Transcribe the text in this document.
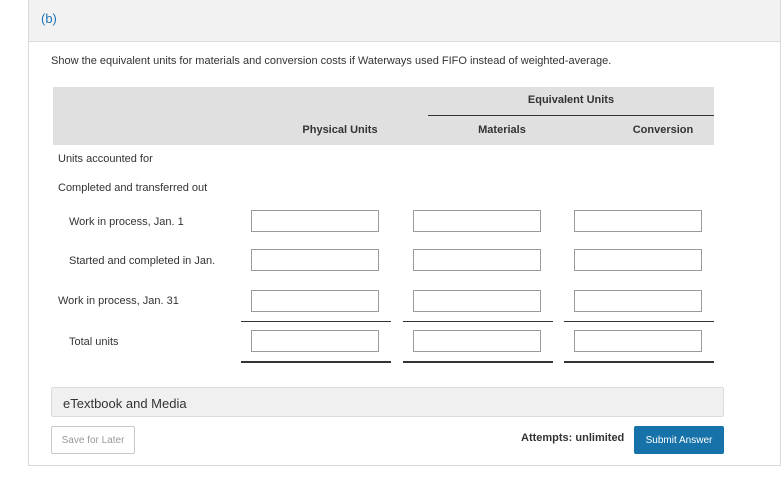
(b)
Show the equivalent units for materials and conversion costs if Waterways used FIFO instead of weighted-average.
Equivalent Units
Physical Units	Materials	Conversion
Units accounted for
Completed and transferred out
Work in process, Jan. 1
Started and completed in Jan.
Work in process, Jan. 31
Total units
eTextbook and Media
Save for Later	Attempts: unlimited	Submit Answer
